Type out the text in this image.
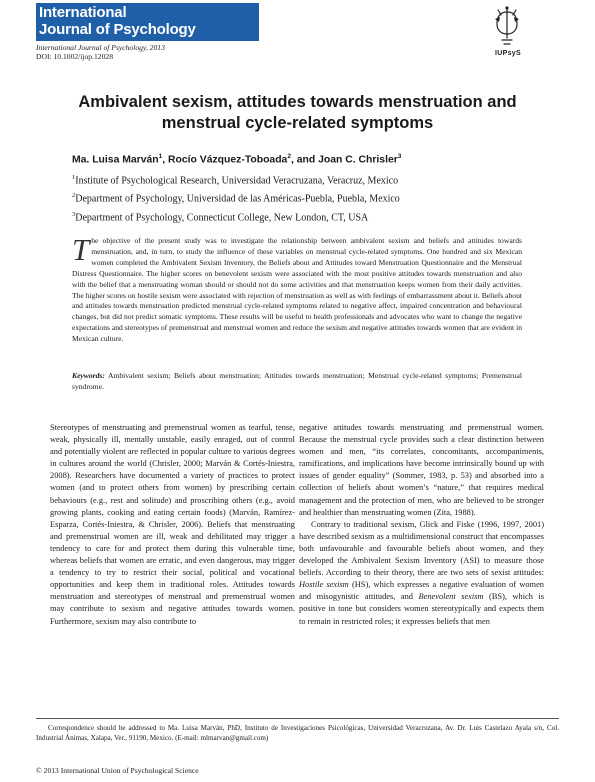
International
Journal of Psychology
International Journal of Psychology, 2013
DOI: 10.1002/ijop.12028	IUPsyS
Ambivalent sexism, attitudes towards menstruation and menstrual cycle-related symptoms
Ma. Luisa Marván$^1$, Rocío Vázquez-Toboada$^2$, and Joan C. Chrisler$^3$
$^1$Institute of Psychological Research, Universidad Veracruzana, Veracruz, Mexico
$^2$Department of Psychology, Universidad de las Américas-Puebla, Puebla, Mexico
$^3$Department of Psychology, Connecticut College, New London, CT, USA
The objective of the present study was to investigate the relationship between ambivalent sexism and beliefs and attitudes towards menstruation, and, in turn, to study the influence of these variables on menstrual cycle-related symptoms. One hundred and six Mexican women completed the Ambivalent Sexism Inventory, the Beliefs about and Attitudes toward Menstruation Questionnaire and the Menstrual Distress Questionnaire. The higher scores on benevolent sexism were associated with the most positive attitudes towards menstruation and also with the belief that a menstruating woman should or should not do some activities and that menstruation keeps women from their daily activities. The higher scores on hostile sexism were associated with rejection of menstruation as well as with feelings of embarrassment about it. Beliefs about and attitudes towards menstruation predicted menstrual cycle-related symptoms related to negative affect, impaired concentration and behavioural changes, but did not predict somatic symptoms. These results will be useful to health professionals and advocates who want to change the negative expectations and stereotypes of premenstrual and menstrual women and reduce the sexism and negative attitudes towards women that are evident in Mexican culture.
Keywords: Ambivalent sexism; Beliefs about menstruation; Attitudes towards menstruation; Menstrual cycle-related symptoms; Premenstrual syndrome.

Stereotypes of menstruating and premenstrual women as tearful, tense, weak, physically ill, mentally unstable, easily enraged, out of control and potentially violent are reflected in popular culture to various degrees in cultures around the world (Chrisler, 2000; Marván & Cortés-Iniestra, 2008). Researchers have documented a variety of practices to protect women (and to protect others from women) by prescribing certain behaviours (e.g., rest and solitude) and proscribing others (e.g., avoid growing plants, cooking and eating certain foods) (Marván, Ramírez-Esparza, Cortés-Iniestra, & Chrisler, 2006). Beliefs that menstruating and premenstrual women are ill, weak and debilitated may trigger a tendency to care for and protect them during this vulnerable time, whereas beliefs that women are erratic, and even dangerous, may trigger a tendency to try to restrict their social, political and vocational opportunities and keep them in traditional roles. Attitudes towards menstruation and stereotypes of menstrual and premenstrual women may contribute to sexism and negative attitudes towards women. Furthermore, sexism may also contribute to

negative attitudes towards menstruating and premenstrual women. Because the menstrual cycle provides such a clear distinction between women and men, “its correlates, concomitants, accompaniments, ramifications, and implications have become intrinsically bound up with issues of gender equality” (Sommer, 1983, p. 53) and absorbed into a collection of beliefs about women’s “nature,” that requires medical management and the protection of men, who are believed to be stronger and healthier than menstruating women (Zita, 1988).

Contrary to traditional sexism, Glick and Fiske (1996, 1997, 2001) have described sexism as a multidimensional construct that encompasses both unfavourable and favourable beliefs about women, and they developed the Ambivalent Sexism Inventory (ASI) to measure those beliefs. According to their theory, there are two sets of sexist attitudes: Hostile sexism (HS), which expresses a negative evaluation of women and misogynistic attitudes, and Benevolent sexism (BS), which is positive in tone but considers women stereotypically and expects them to remain in restricted roles; it expresses beliefs that men

Correspondence should be addressed to Ma. Luisa Marván, PhD, Instituto de Investigaciones Psicológicas, Universidad Veracruzana, Av. Dr. Luis Castelazo Ayala s/n, Col. Industrial Ánimas, Xalapa, Ver., 91190, Mexico. (E-mail: mlmarvan@gmail.com)
© 2013 International Union of Psychological Science
